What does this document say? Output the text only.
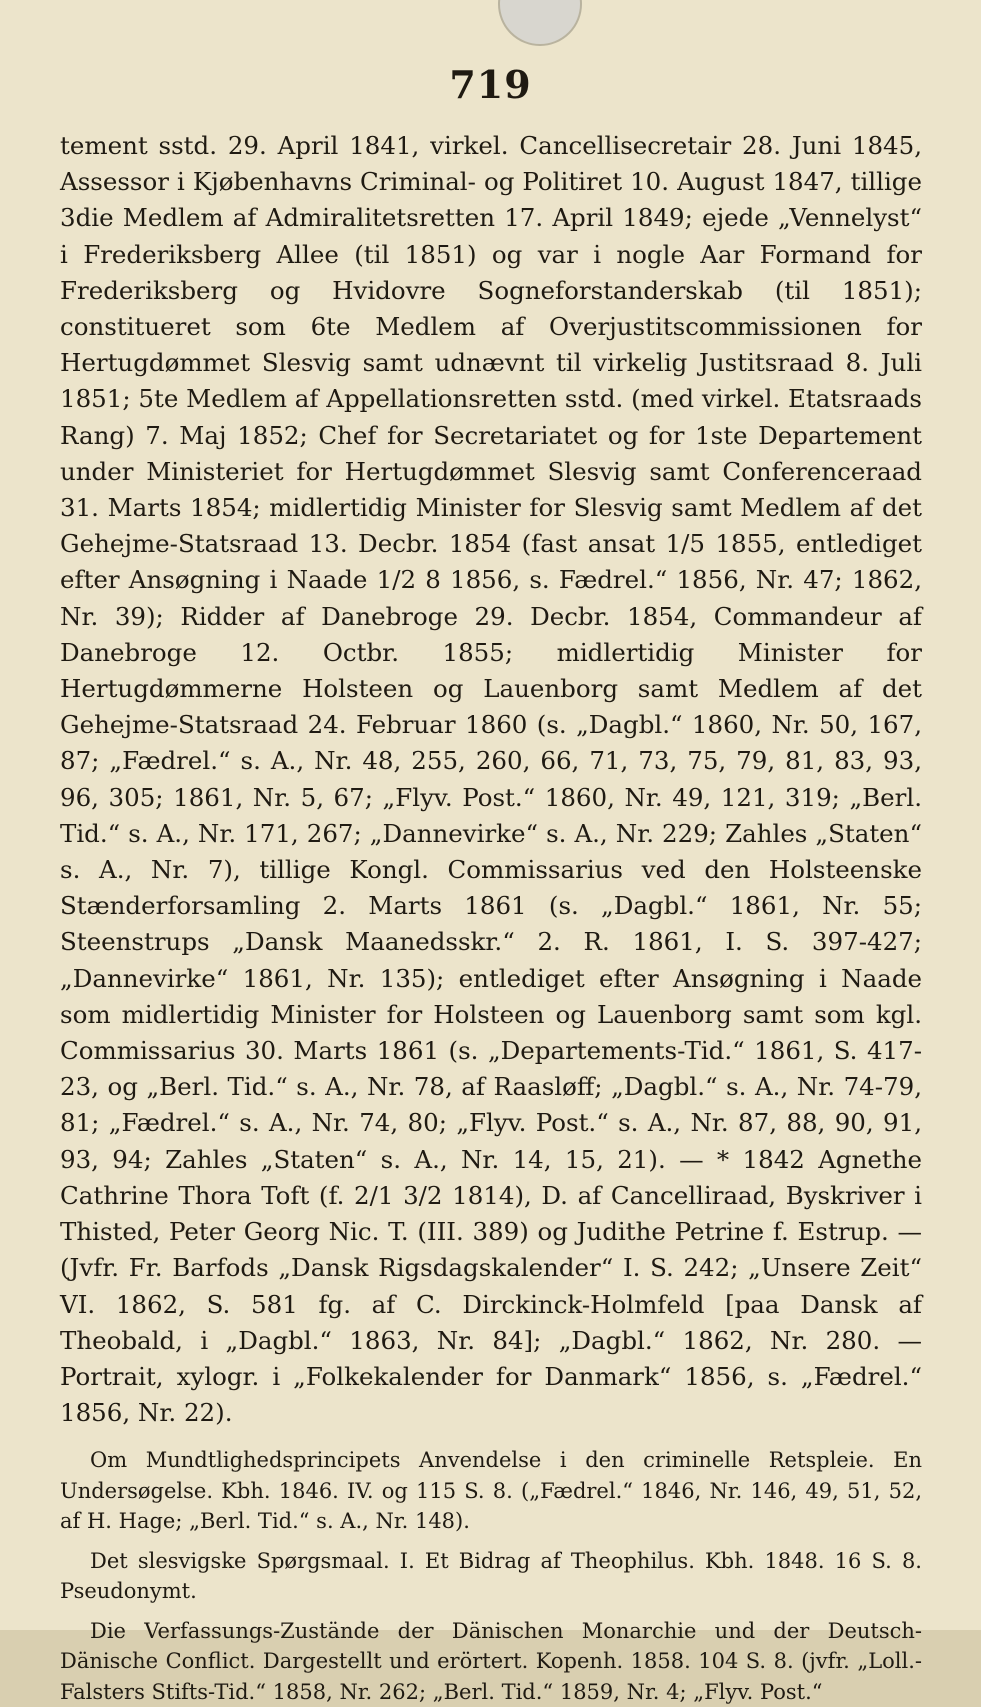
719

tement sstd. 29. April 1841, virkel. Cancellisecretair 28. Juni 1845, Assessor i Kjøbenhavns Criminal- og Politiret 10. August 1847, tillige 3die Medlem af Admiralitetsretten 17. April 1849; ejede „Vennelyst“ i Frederiksberg Allee (til 1851) og var i nogle Aar Formand for Frederiksberg og Hvidovre Sogneforstanderskab (til 1851); constitueret som 6te Medlem af Overjustitscommissionen for Hertugdømmet Slesvig samt udnævnt til virkelig Justitsraad 8. Juli 1851; 5te Medlem af Appellationsretten sstd. (med virkel. Etatsraads Rang) 7. Maj 1852; Chef for Secretariatet og for 1ste Departement under Ministeriet for Hertugdømmet Slesvig samt Conferenceraad 31. Marts 1854; midlertidig Minister for Slesvig samt Medlem af det Gehejme-Statsraad 13. Decbr. 1854 (fast ansat 1/5 1855, entlediget efter Ansøgning i Naade 1/2 8 1856, s. Fædrel.“ 1856, Nr. 47; 1862, Nr. 39); Ridder af Danebroge 29. Decbr. 1854, Commandeur af Danebroge 12. Octbr. 1855; midlertidig Minister for Hertugdømmerne Holsteen og Lauenborg samt Medlem af det Gehejme-Statsraad 24. Februar 1860 (s. „Dagbl.“ 1860, Nr. 50, 167, 87; „Fædrel.“ s. A., Nr. 48, 255, 260, 66, 71, 73, 75, 79, 81, 83, 93, 96, 305; 1861, Nr. 5, 67; „Flyv. Post.“ 1860, Nr. 49, 121, 319; „Berl. Tid.“ s. A., Nr. 171, 267; „Dannevirke“ s. A., Nr. 229; Zahles „Staten“ s. A., Nr. 7), tillige Kongl. Commissarius ved den Holsteenske Stænderforsamling 2. Marts 1861 (s. „Dagbl.“ 1861, Nr. 55; Steenstrups „Dansk Maanedsskr.“ 2. R. 1861, I. S. 397-427; „Dannevirke“ 1861, Nr. 135); entlediget efter Ansøgning i Naade som midlertidig Minister for Holsteen og Lauenborg samt som kgl. Commissarius 30. Marts 1861 (s. „Departements-Tid.“ 1861, S. 417-23, og „Berl. Tid.“ s. A., Nr. 78, af Raasløff; „Dagbl.“ s. A., Nr. 74-79, 81; „Fædrel.“ s. A., Nr. 74, 80; „Flyv. Post.“ s. A., Nr. 87, 88, 90, 91, 93, 94; Zahles „Staten“ s. A., Nr. 14, 15, 21). — * 1842 Agnethe Cathrine Thora Toft (f. 2/1 3/2 1814), D. af Cancelliraad, Byskriver i Thisted, Peter Georg Nic. T. (III. 389) og Judithe Petrine f. Estrup. — (Jvfr. Fr. Barfods „Dansk Rigsdagskalender“ I. S. 242; „Unsere Zeit“ VI. 1862, S. 581 fg. af C. Dirckinck-Holmfeld [paa Dansk af Theobald, i „Dagbl.“ 1863, Nr. 84]; „Dagbl.“ 1862, Nr. 280. — Portrait, xylogr. i „Folkekalender for Danmark“ 1856, s. „Fædrel.“ 1856, Nr. 22).

Om Mundtlighedsprincipets Anvendelse i den criminelle Retspleie. En Undersøgelse. Kbh. 1846. IV. og 115 S. 8. („Fædrel.“ 1846, Nr. 146, 49, 51, 52, af H. Hage; „Berl. Tid.“ s. A., Nr. 148).

Det slesvigske Spørgsmaal. I. Et Bidrag af Theophilus. Kbh. 1848. 16 S. 8. Pseudonymt.

Die Verfassungs-Zustände der Dänischen Monarchie und der Deutsch-Dänische Conflict. Dargestellt und erörtert. Kopenh. 1858. 104 S. 8. (jvfr. „Loll.-Falsters Stifts-Tid.“ 1858, Nr. 262; „Berl. Tid.“ 1859, Nr. 4; „Flyv. Post.“
